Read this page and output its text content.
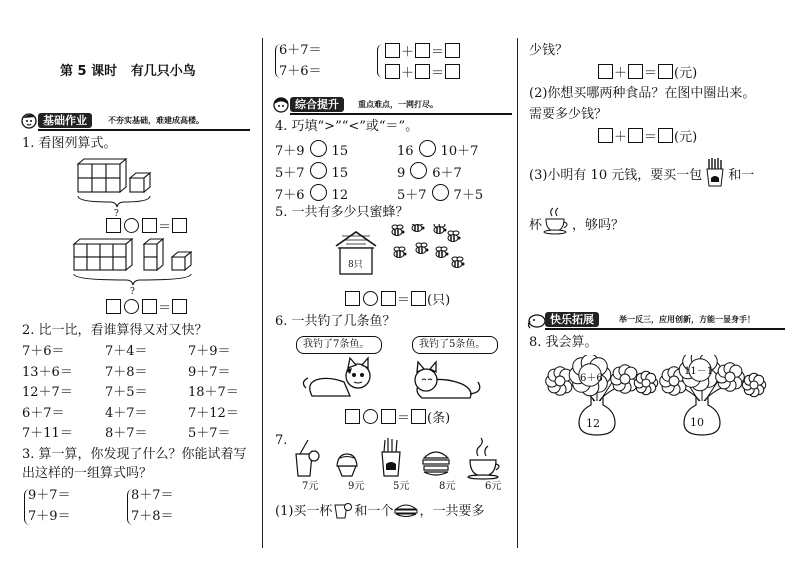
第 5 课时 有几只小鸟
基础作业	不夯实基础，难建成高楼。
1. 看图列算式。
?
?
＝
＝
2. 比一比，看谁算得又对又快？
7＋6＝	7＋4＝	7＋9＝
13＋6＝ 7＋8＝	9＋7＝
12＋7＝ 7＋5＝	18＋7＝
6＋7＝	4＋7＝	7＋12＝
7＋11＝ 8＋7＝	5＋7＝
3. 算一算，你发现了什么？你能试着写
出这样的一组算式吗？
9＋7＝
7＋9＝
8＋7＝
7＋8＝
6＋7＝
7＋6＝
＋ ＝
＋ ＝
综合提升	重点难点，一网打尽。
4. 巧填“>”“<”或“＝”。
7＋9 15	16 10＋7
5＋7 15	9 6＋7
7＋6 12	5＋7 7＋5
5. 一共有多少只蜜蜂？
8只
＝ (只)
6. 一共钓了几条鱼？
我钓了7条鱼。	我钓了5条鱼。
＝ (条)
7.
7元	9元	5元	8元	6元
(1)买一杯 和一个 ，一共要多
少钱？
＋ ＝ (元)
(2)你想买哪两种食品？在图中圈出来。
需要多少钱？
＋ ＝ (元)
(3)小明有 10 元钱，要买一包 和一
杯 ，够吗？
快乐拓展	举一反三，应用创新，方能一显身手！
8. 我会算。
6＋6
11－1
12	10
